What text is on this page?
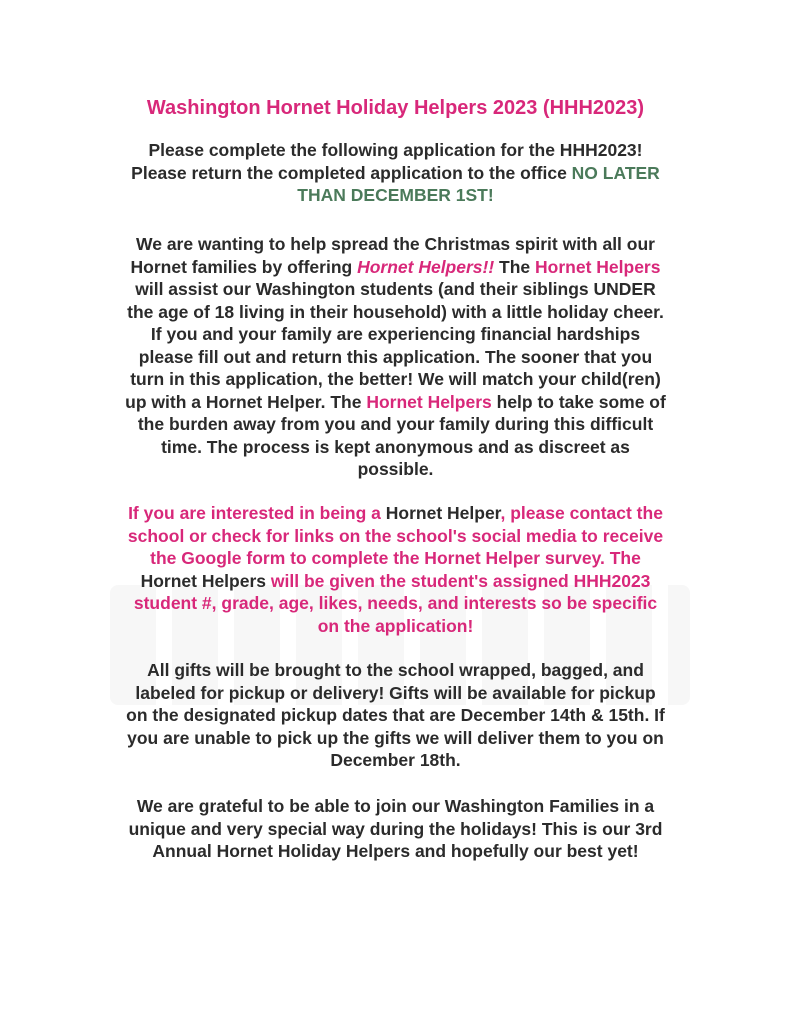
Washington Hornet Holiday Helpers 2023 (HHH2023)
Please complete the following application for the HHH2023!
Please return the completed application to the office NO LATER
THAN DECEMBER 1ST!
We are wanting to help spread the Christmas spirit with all our
Hornet families by offering Hornet Helpers!! The Hornet Helpers
will assist our Washington students (and their siblings UNDER
the age of 18 living in their household) with a little holiday cheer.
If you and your family are experiencing financial hardships
please fill out and return this application. The sooner that you
turn in this application, the better! We will match your child(ren)
up with a Hornet Helper. The Hornet Helpers help to take some of
the burden away from you and your family during this difficult
time. The process is kept anonymous and as discreet as
possible.
If you are interested in being a Hornet Helper, please contact the
school or check for links on the school's social media to receive
the Google form to complete the Hornet Helper survey. The
Hornet Helpers will be given the student's assigned HHH2023
student #, grade, age, likes, needs, and interests so be specific
on the application!
All gifts will be brought to the school wrapped, bagged, and
labeled for pickup or delivery! Gifts will be available for pickup
on the designated pickup dates that are December 14th & 15th. If
you are unable to pick up the gifts we will deliver them to you on
December 18th.
We are grateful to be able to join our Washington Families in a
unique and very special way during the holidays! This is our 3rd
Annual Hornet Holiday Helpers and hopefully our best yet!
